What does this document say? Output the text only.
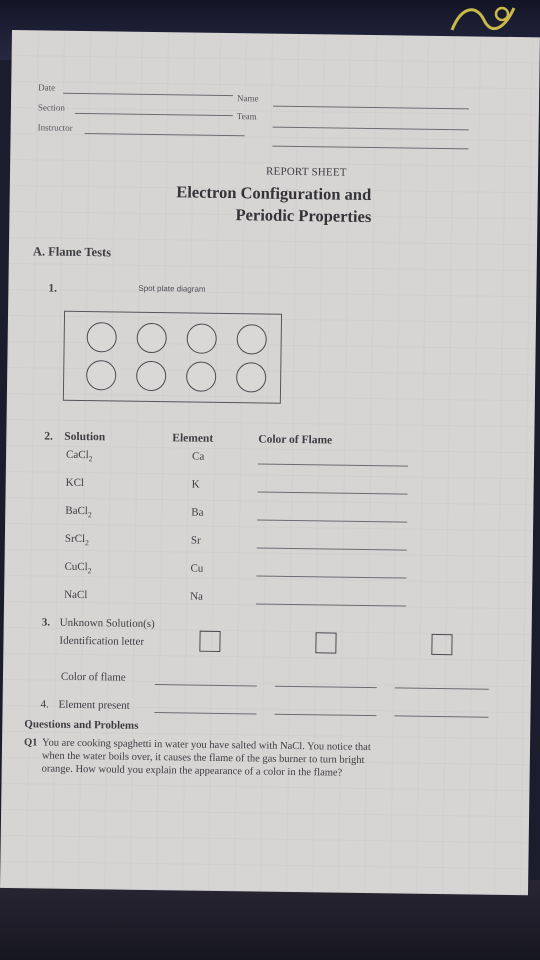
Date
Name
Section
Team
Instructor
REPORT SHEET
Electron Configuration and
Periodic Properties
A. Flame Tests
1.	Spot plate diagram
2. Solution	Element	Color of Flame
CaCl$_2$	Ca
KCl	K
BaCl$_2$	Ba
SrCl$_2$	Sr
CuCl$_2$	Cu
NaCl	Na
3. Unknown Solution(s)
Identification letter
Color of flame
4. Element present
Questions and Problems
Q1 You are cooking spaghetti in water you have salted with NaCl. You notice that
when the water boils over, it causes the flame of the gas burner to turn bright
orange. How would you explain the appearance of a color in the flame?
